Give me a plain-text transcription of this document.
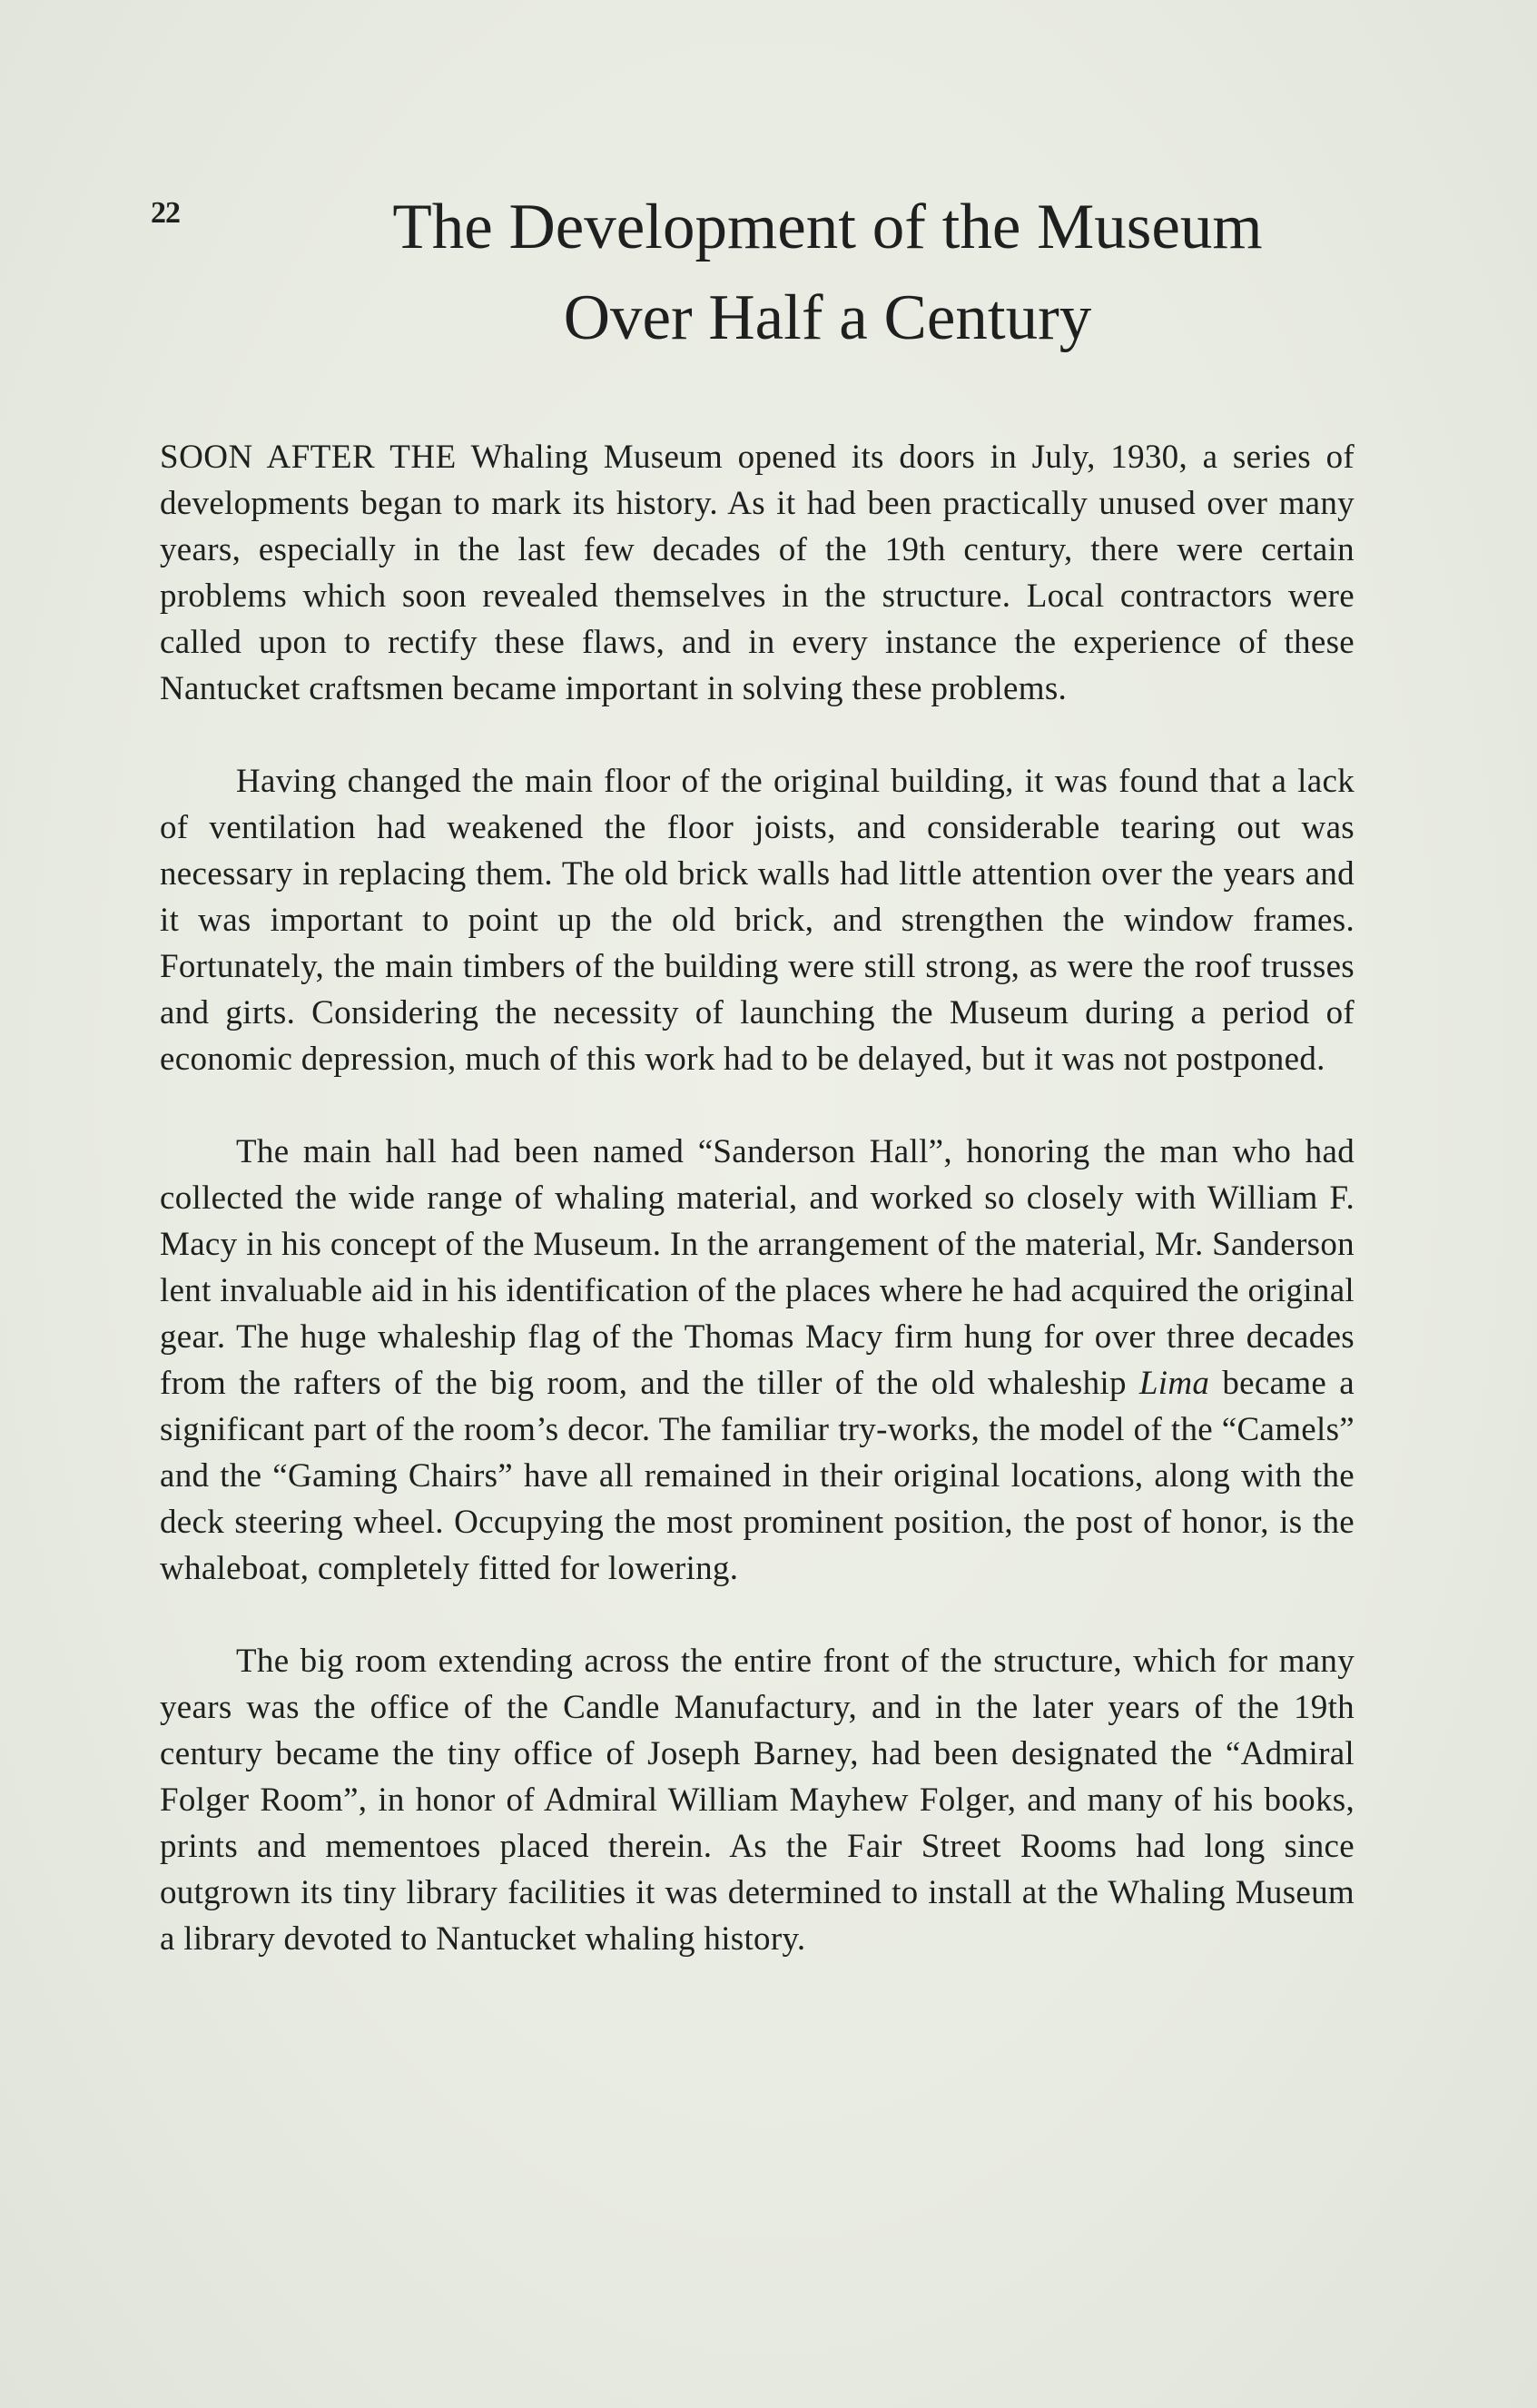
22	The Development of the Museum
Over Half a Century

SOON AFTER THE Whaling Museum opened its doors in July, 1930, a series of developments began to mark its history. As it had been practically unused over many years, especially in the last few decades of the 19th century, there were certain problems which soon revealed themselves in the structure. Local contractors were called upon to rectify these flaws, and in every instance the experience of these Nantucket craftsmen became important in solving these problems.

Having changed the main floor of the original building, it was found that a lack of ventilation had weakened the floor joists, and considerable tearing out was necessary in replacing them. The old brick walls had little attention over the years and it was important to point up the old brick, and strengthen the window frames. Fortunately, the main timbers of the building were still strong, as were the roof trusses and girts. Considering the necessity of launching the Museum during a period of economic depression, much of this work had to be delayed, but it was not postponed.

The main hall had been named “Sanderson Hall”, honoring the man who had collected the wide range of whaling material, and worked so closely with William F. Macy in his concept of the Museum. In the arrangement of the material, Mr. Sanderson lent invaluable aid in his identification of the places where he had acquired the original gear. The huge whaleship flag of the Thomas Macy firm hung for over three decades from the rafters of the big room, and the tiller of the old whaleship Lima became a significant part of the room’s decor. The familiar try-works, the model of the “Camels” and the “Gaming Chairs” have all remained in their original locations, along with the deck steering wheel. Occupying the most prominent position, the post of honor, is the whaleboat, completely fitted for lowering.

The big room extending across the entire front of the structure, which for many years was the office of the Candle Manufactury, and in the later years of the 19th century became the tiny office of Joseph Barney, had been designated the “Admiral Folger Room”, in honor of Admiral William Mayhew Folger, and many of his books, prints and mementoes placed therein. As the Fair Street Rooms had long since outgrown its tiny library facilities it was determined to install at the Whaling Museum a library devoted to Nantucket whaling history.
